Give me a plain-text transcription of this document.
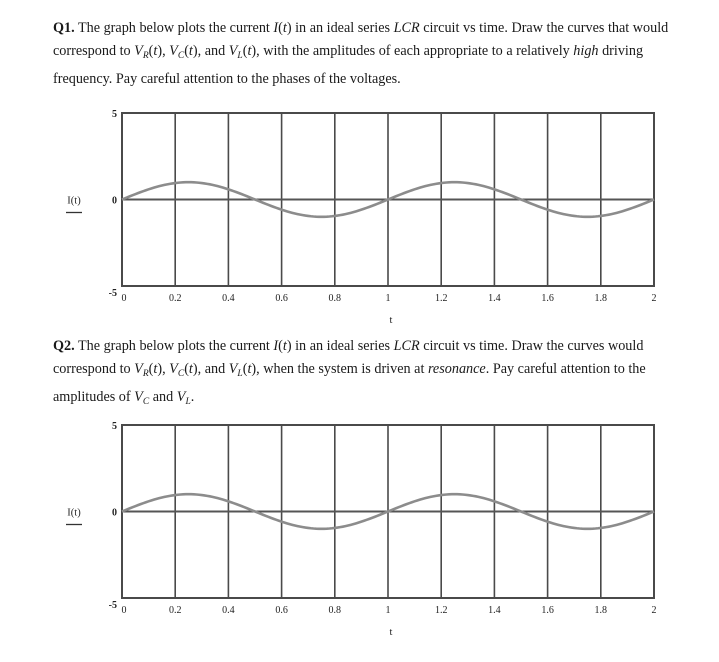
Q1. The graph below plots the current I(t) in an ideal series LCR circuit vs time. Draw the curves that would correspond to $V_R(t)$, $V_C(t)$, and $V_L(t)$, with the amplitudes of each appropriate to a relatively high driving frequency. Pay careful attention to the phases of the voltages.

0	0.2	0.4	0.6	0.8	1	1.2	1.4	1.6	1.8	2
5
0
-5
I(t)
t

Q2. The graph below plots the current I(t) in an ideal series LCR circuit vs time. Draw the curves would correspond to $V_R(t)$, $V_C(t)$, and $V_L(t)$, when the system is driven at resonance. Pay careful attention to the amplitudes of $V_C$ and $V_L$.

0	0.2	0.4	0.6	0.8	1	1.2	1.4	1.6	1.8	2
5
0
-5
I(t)
t
